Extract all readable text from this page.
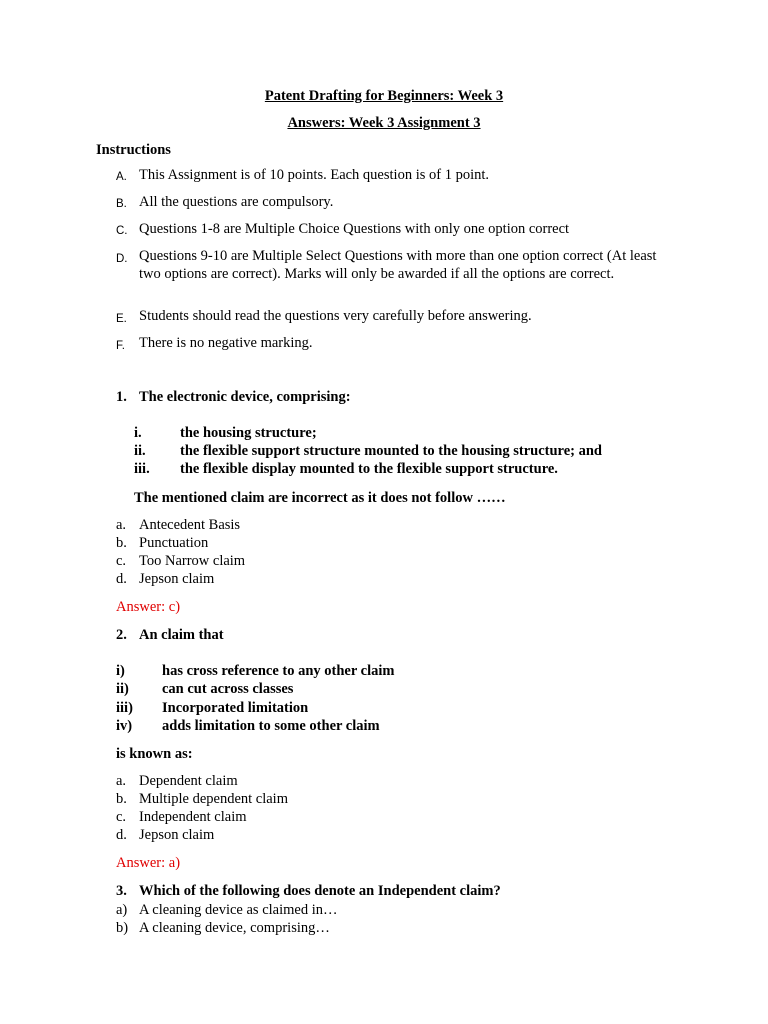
Patent Drafting for Beginners: Week 3
Answers: Week 3 Assignment 3
Instructions
A. This Assignment is of 10 points. Each question is of 1 point.
B. All the questions are compulsory.
C. Questions 1-8 are Multiple Choice Questions with only one option correct
D. Questions 9-10 are Multiple Select Questions with more than one option correct (At least two options are correct). Marks will only be awarded if all the options are correct.
E. Students should read the questions very carefully before answering.
F. There is no negative marking.
1. The electronic device, comprising:
i.	the housing structure;
ii. the flexible support structure mounted to the housing structure; and
iii. the flexible display mounted to the flexible support structure.
The mentioned claim are incorrect as it does not follow ……
a. Antecedent Basis
b. Punctuation
c. Too Narrow claim
d. Jepson claim
Answer: c)
2. An claim that
i)	has cross reference to any other claim
ii) can cut across classes
iii) Incorporated limitation
iv) adds limitation to some other claim
is known as:
a. Dependent claim
b. Multiple dependent claim
c. Independent claim
d. Jepson claim
Answer: a)
3. Which of the following does denote an Independent claim?
a) A cleaning device as claimed in…
b) A cleaning device, comprising…
